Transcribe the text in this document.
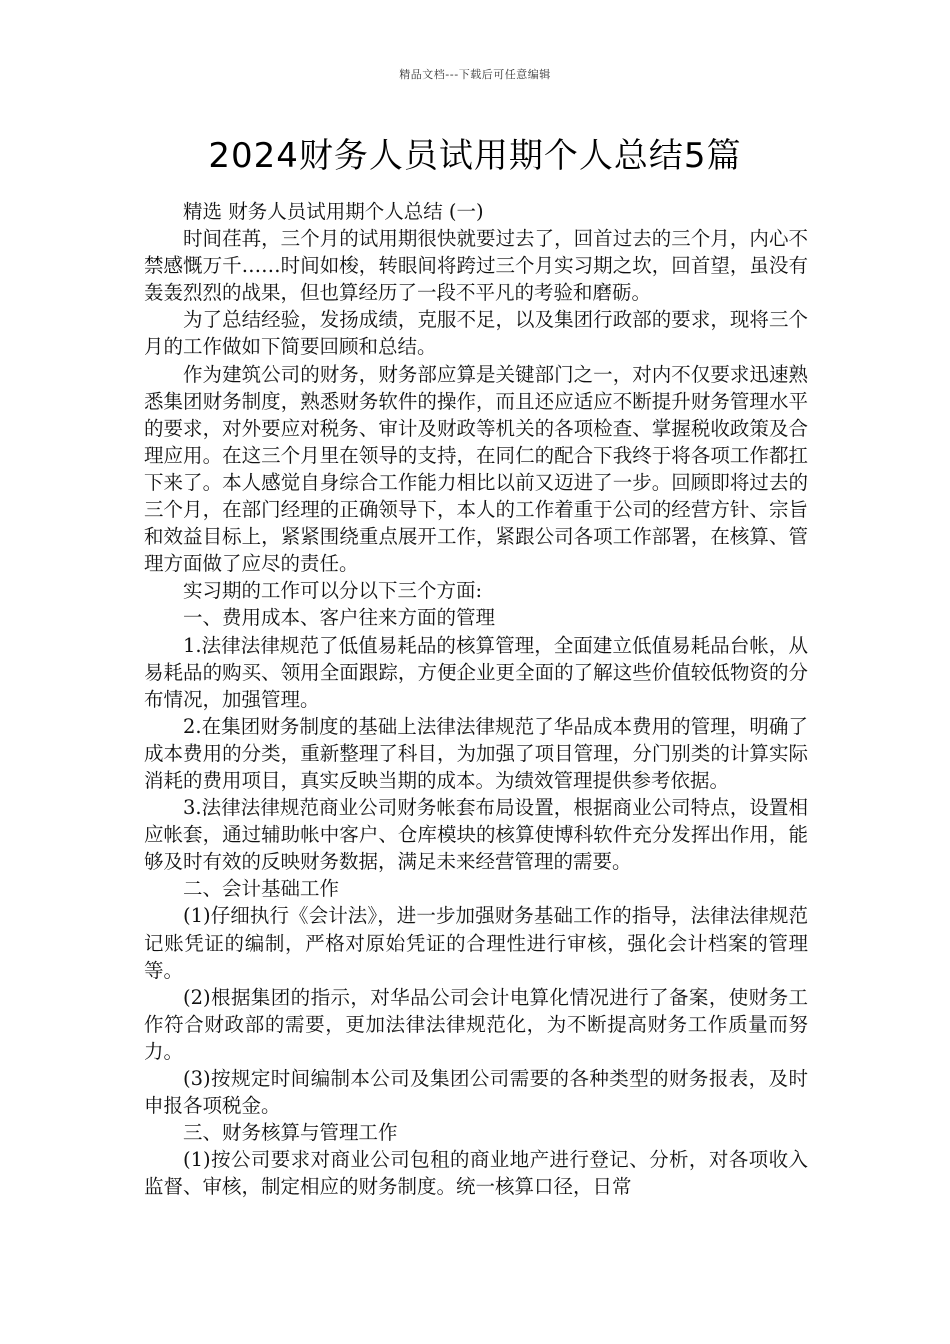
精品文档---下载后可任意编辑
2024财务人员试用期个人总结5篇

精选 财务人员试用期个人总结 (一)

时间荏苒，三个月的试用期很快就要过去了，回首过去的三个月，内心不禁感慨万千……时间如梭，转眼间将跨过三个月实习期之坎，回首望，虽没有轰轰烈烈的战果，但也算经历了一段不平凡的考验和磨砺。

为了总结经验，发扬成绩，克服不足，以及集团行政部的要求，现将三个月的工作做如下简要回顾和总结。

作为建筑公司的财务，财务部应算是关键部门之一，对内不仅要求迅速熟悉集团财务制度，熟悉财务软件的操作，而且还应适应不断提升财务管理水平的要求，对外要应对税务、审计及财政等机关的各项检查、掌握税收政策及合理应用。在这三个月里在领导的支持，在同仁的配合下我终于将各项工作都扛下来了。本人感觉自身综合工作能力相比以前又迈进了一步。回顾即将过去的三个月，在部门经理的正确领导下，本人的工作着重于公司的经营方针、宗旨和效益目标上，紧紧围绕重点展开工作，紧跟公司各项工作部署，在核算、管理方面做了应尽的责任。

实习期的工作可以分以下三个方面:

一、费用成本、客户往来方面的管理

1.法律法律规范了低值易耗品的核算管理，全面建立低值易耗品台帐，从易耗品的购买、领用全面跟踪，方便企业更全面的了解这些价值较低物资的分布情况，加强管理。

2.在集团财务制度的基础上法律法律规范了华品成本费用的管理，明确了成本费用的分类，重新整理了科目，为加强了项目管理，分门别类的计算实际消耗的费用项目，真实反映当期的成本。为绩效管理提供参考依据。

3.法律法律规范商业公司财务帐套布局设置，根据商业公司特点，设置相应帐套，通过辅助帐中客户、仓库模块的核算使博科软件充分发挥出作用，能够及时有效的反映财务数据，满足未来经营管理的需要。

二、会计基础工作

(1)仔细执行《会计法》，进一步加强财务基础工作的指导，法律法律规范记账凭证的编制，严格对原始凭证的合理性进行审核，强化会计档案的管理等。

(2)根据集团的指示，对华品公司会计电算化情况进行了备案，使财务工作符合财政部的需要，更加法律法律规范化，为不断提高财务工作质量而努力。

(3)按规定时间编制本公司及集团公司需要的各种类型的财务报表，及时申报各项税金。

三、财务核算与管理工作

(1)按公司要求对商业公司包租的商业地产进行登记、分析，对各项收入监督、审核，制定相应的财务制度。统一核算口径，日常
